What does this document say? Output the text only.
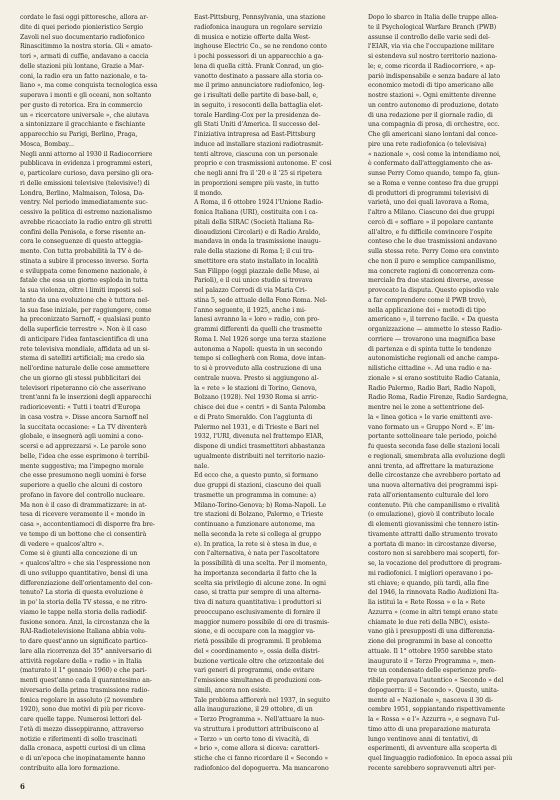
cordate le fasi oggi pittoresche, allora ar-
dite di quei periodo pionieristico Sergio
Zavoli nel suo documentario radiofonico
Rinascitimmo la nostra storia. Gli « amato-
tori », armati di cuffie, andavano a caccia
delle stazioni più lontane, Grazie a Mar-
coni, la radio era un fatto nazionale, e ta-
liano », ma come conquista tecnologica essa
superava i monti e gli oceani, non soltanto
per gusto di retorica. Era in commercio
un « ricercatore universale », che aiutava
a sintonizzare il gracchiante e fischiante
apparecchio su Parigi, Berlino, Praga,
Mosca, Bombay...
Negli anni attorno al 1930 il Radiocorriere
pubblicava in evidenza i programmi esteri,
e, particolare curioso, dava persino gli ora-
ri delle emissioni televisive (televisive!) di
Londra, Berlino, Malmaison, Tolosa, Da-
ventry. Nel periodo immediatamente suc-
cessivo la politica di estremo nazionalismo
avrebbe ricacciato la radio entro gli stretti
confini della Penisola, e forse risente an-
cora le conseguenze di questo atteggia-
mento. Con tutta probabilità la TV è de-
stinata a subire il processo inverso. Sorta
e sviluppata come fenomeno nazionale, è
fatale che essa un giorno esploda in tutta
la sua violenza, oltre i limiti imposti sol-
tanto da una evoluzione che è tuttora nel-
la sua fase iniziale, per raggiungere, come
ha preconizzato Sarnoff, « qualsiasi punto
della superficie terrestre ». Non è il caso
di anticipare l'idea fantascientifica di una
rete televisiva mondiale, affidata ad un si-
stema di satelliti artificiali; ma credo sia
nell'ordine naturale delle cose ammettere
che un giorno gli stessi pubblicitari dei
televisori ripeteranno ciò che asserivano
trent'anni fa le inserzioni degli apparecchi
radioriceventi: « Tutti i teatri d'Europa
in casa vostra ». Disse ancora Sarnoff nel
la succitata occasione: « La TV diventerà
globale, e insegnerà agli uomini a cono-
scersi e ad apprezzarsi ». Le parole sono
belle, l'idea che esse esprimono è terribil-
mente suggestiva; ma l'impegno morale
che esse presumono negli uomini è forse
superiore a quello che alcuni di costoro
profano in favore del controllo nucleare.
Ma non è il caso di drammatizzare: in at-
tesa di ricevere veramente il « mondo in
casa », accontentiamoci di disporre fra bre-
ve tempo di un bottone che ci consentirà
di vedere « qualcos'altro ».
Come si è giunti alla concezione di un
« qualcos'altro » che sia l'espressione non
di uno sviluppo quantitativo, bensì di una
differenziazione dell'orientamento del con-
tenuto? La storia di questa evoluzione è
in po' la storia della TV stessa, e ne ritro-
viamo le tappe nella storia della radiodif-
fusione sonora. Anzi, la circostanza che la
RAI-Radiotelevisione Italiana abbia volu-
to dare quest'anno un significato partico-
lare alla ricorrenza del 35° anniversario di
attività regolare della « radio » in Italia
(maturato il 1° gennaio 1960) e che pari-
menti quest'anno cada il quarantesimo an-
niversario della prima trasmissione radio-
fonica regolare in assoluto (2 novembre
1920), sono due motivi di più per ricove-
care quelle tappe. Numerosi lettori del-
l'età di mezzo disseppiranno, attraverso
notizie e riferimenti di sollo trascinati
dalla cronaca, aspetti curiosi di un clima
e di un'epoca che inopinatamente hanno
contribuito alla loro formazione.
East-Pittsburg, Pennsylvania, una stazione
radiofonica inaugura un regolare servizio
di musica e notizie offerte dalla West-
inghouse Electric Co., se ne rendono conto
i pochi possessori di un apparecchio a ga-
lena di quella città. Frank Conrad, un gio-
vanotto destinato a passare alla storia co-
me il primo annunciatore radiofonico, leg-
ge i risultati delle partite di base-ball, e,
in seguito, i resoconti della battaglia elet-
torale Harding-Cox per la presidenza de-
gli Stati Uniti d'America. Il successo del-
l'iniziativa intrapresa ad East-Pittsburg
induce ad installare stazioni radiotrasmit-
tenti altrove, ciascuna con un personale
proprio e con trasmissioni autonome. E' così
che negli anni fra il '20 e il '25 si ripetera
in proporzioni sempre più vaste, in tutto
il mondo.
A Roma, il 6 ottobre 1924 l'Unione Radio-
fonica Italiana (URI), costituita con i ca-
pitali della SIRAC (Società Italiana Ra-
dioaudizioni Circolari) e di Radio Araldo,
mandava in onda la trasmissione inaugu-
rale della stazione di Roma I; il cui tra-
smettitore era stato installato in località
San Filippo (oggi piazzale delle Muse, ai
Parioli), e il cui unico studio si trovava
nel palazzo Corrodi di via Maria Cri-
stina 5, sede attuale della Fono Roma. Nel-
l'anno seguente, il 1925, anche i mi-
lanesi avranno la « loro » radio, con pro-
grammi differenti da quelli che trasmette
Roma I. Nel 1926 sorge una terza stazione
autonoma a Napoli: questa in un secondo
tempo si collegherà con Roma, dove intan-
to si è provveduto alla costruzione di una
centrale nuova. Presto si aggiungono al-
la « rete » le stazioni di Torino, Genova,
Bolzano (1928). Nel 1930 Roma si arric-
chisce dei due « centri » di Santa Palomba
e di Prato Smeraldo. Con l'aggiunta di
Palermo nel 1931, e di Trieste e Bari nel
1932, l'URI, divenuta nel frattempo EIAR,
dispone di undici trasmettitori abbastanza
ugualmente distribuiti nel territorio nazio-
nale.
Ed ecco che, a questo punto, si formano
due gruppi di stazioni, ciascuno dei quali
trasmette un programma in comune: a)
Milano-Torino-Genova; b) Roma-Napoli. Le
tre stazioni di Bolzano, Palermo, e Trieste
continuano a funzionare autonome, ma
nella seconda la rete si collega al gruppo
e). In pratica, la rete si è stesa in due, e
con l'alternativa, è nata per l'ascoltatore
la possibilità di una scelta. Per il momento,
ha importanza secondaria il fatto che la
scelta sia privilegio di alcune zone. In ogni
caso, si tratta pur sempre di una alterna-
tiva di natura quantitativa: i produttori si
preoccupano esclusivamente di fornire il
maggior numero possibile di ore di trasmis-
sione, e di occupare con la maggior va-
rietà possibile di programmi. Il problema
del « coordinamento », ossia della distri-
buzione verticale oltre che orizzontale dei
vari generi di programmi, onde evitare
l'emissione simultanea di produzioni con-
simili, ancora non esiste.
Tale problema affiorerà nel 1937, in seguito
alla inaugurazione, il 29 ottobre, di un
« Terzo Programma ». Nell'attuare la nuo-
va struttura i produttori attribuiscono al
« Terzo » un certo tono di vivacità, di
« brio », come allora si diceva: caratteri-
stiche che ci fanno ricordare il « Secondo »
radiofonico del dopoguerra. Ma mancarono
Dopo lo sbarco in Italia delle truppe allea-
te il Psychological Warfare Branch (PWB)
assunse il controllo delle varie sedi del-
l'EIAR, via via che l'occupazione militare
si estendeva sul nostro territorio naziona-
le; e, come ricorda il Radiocorriere, « ap-
pariò indispensabile e senza badare al lato
economico metodi di tipo americano alle
nostre stazioni ». Ogni emittente divenne
un centro autonomo di produzione, dotato
di una redazione per il giornale radio, di
una compagnia di prosa, di orchestre, ecc.
Che gli americani siano lontani dal conce-
pire una rete radiofonica (o televisiva)
« nazionale », così come la intendiamo noi,
è confermato dall'atteggiamento che as-
sunse Perry Como quando, tempo fa, giun-
se a Roma e venne conteso fra due gruppi
di produttori di programmi televisivi di
varietà, uno dei quali lavorava a Roma,
l'altro a Milano. Ciascuno dei due gruppi
cercò di « soffiare » il popolare cantante
all'altro, e fu difficile convincere l'ospite
conteso che le due trasmissioni andavano
sulla stessa rete. Perry Como era convinto
che non il puro e semplice campanilismo,
ma concrete ragioni di concorrenza com-
merciale fra due stazioni diverse, avesse
provocato la disputa. Questo episodio vale
a far comprendere come il PWB trovò,
nella applicazione dei « metodi di tipo
americano », il terreno facile. « Da questa
organizzazione — ammette lo stesso Radio-
corriere — trovarono una magnifica base
di partenza e di spinta tutte le tendenze
autonomistiche regionali ed anche campa-
nilistiche cittadine ». Ad una radio e na-
zionale » si erano sostituite Radio Catania,
Radio Palermo, Radio Bari, Radio Napoli,
Radio Roma, Radio Firenze, Radio Sardegna,
mentre nei le zone a settentrione del-
la « linea gotica » le varie emittenti ave-
vano formato un « Gruppo Nord ». E' im-
portante sottolineare tale periodo, poiché
fu questa seconda fase delle stazioni locali
e regionali, smembrata alla evoluzione degli
anni trenta, ad affrettare la maturazione
delle circostanze che avrebbero portato ad
una nuova alternativa dei programmi ispi-
rata all'orientamento culturale del loro
contenuto. Più che campanilismo e rivalità
(o emulazione), giovò il contributo locale
di elementi giovanissimi che tennero istin-
tivamente attratti dallo strumento trovato
a portata di mano: in circostanze diverse,
costoro non si sarebbero mai scoperti, for-
se, la vocazione del produttore di program-
mi radiofonici. I migliori operavano i po-
sti chiave; e quando, più tardi, alla fine
del 1946, la rinnovata Radio Audizioni Ita-
lia istituì la « Rete Rossa » e la « Rete
Azzurra » (come in altri tempi erano state
chiamate le due reti della NBC), esiste-
vano già i presupposti di una differenzia-
zione dei programmi in base al concetto
attuale. Il 1° ottobre 1950 sarebbe stato
inaugurato il « Terzo Programma », men-
tre un condensato delle esperienze prefe-
ribile preparava l'autentico « Secondo » del
dopoguerra: il « Secondo ». Questo, unita-
mente al « Nazionale », nasceva il 30 di-
cembre 1951, soppiantando rispettivamente
la « Rossa » e l'« Azzurra », e segnava l'ul-
timo atto di una preparazione maturata
lungo ventinove anni di tentativi, di
esperimenti, di avventure alla scoperta di
quel linguaggio radiofonico. In epoca assai più
recente sarebbero sopravvenuti altri per-
6
